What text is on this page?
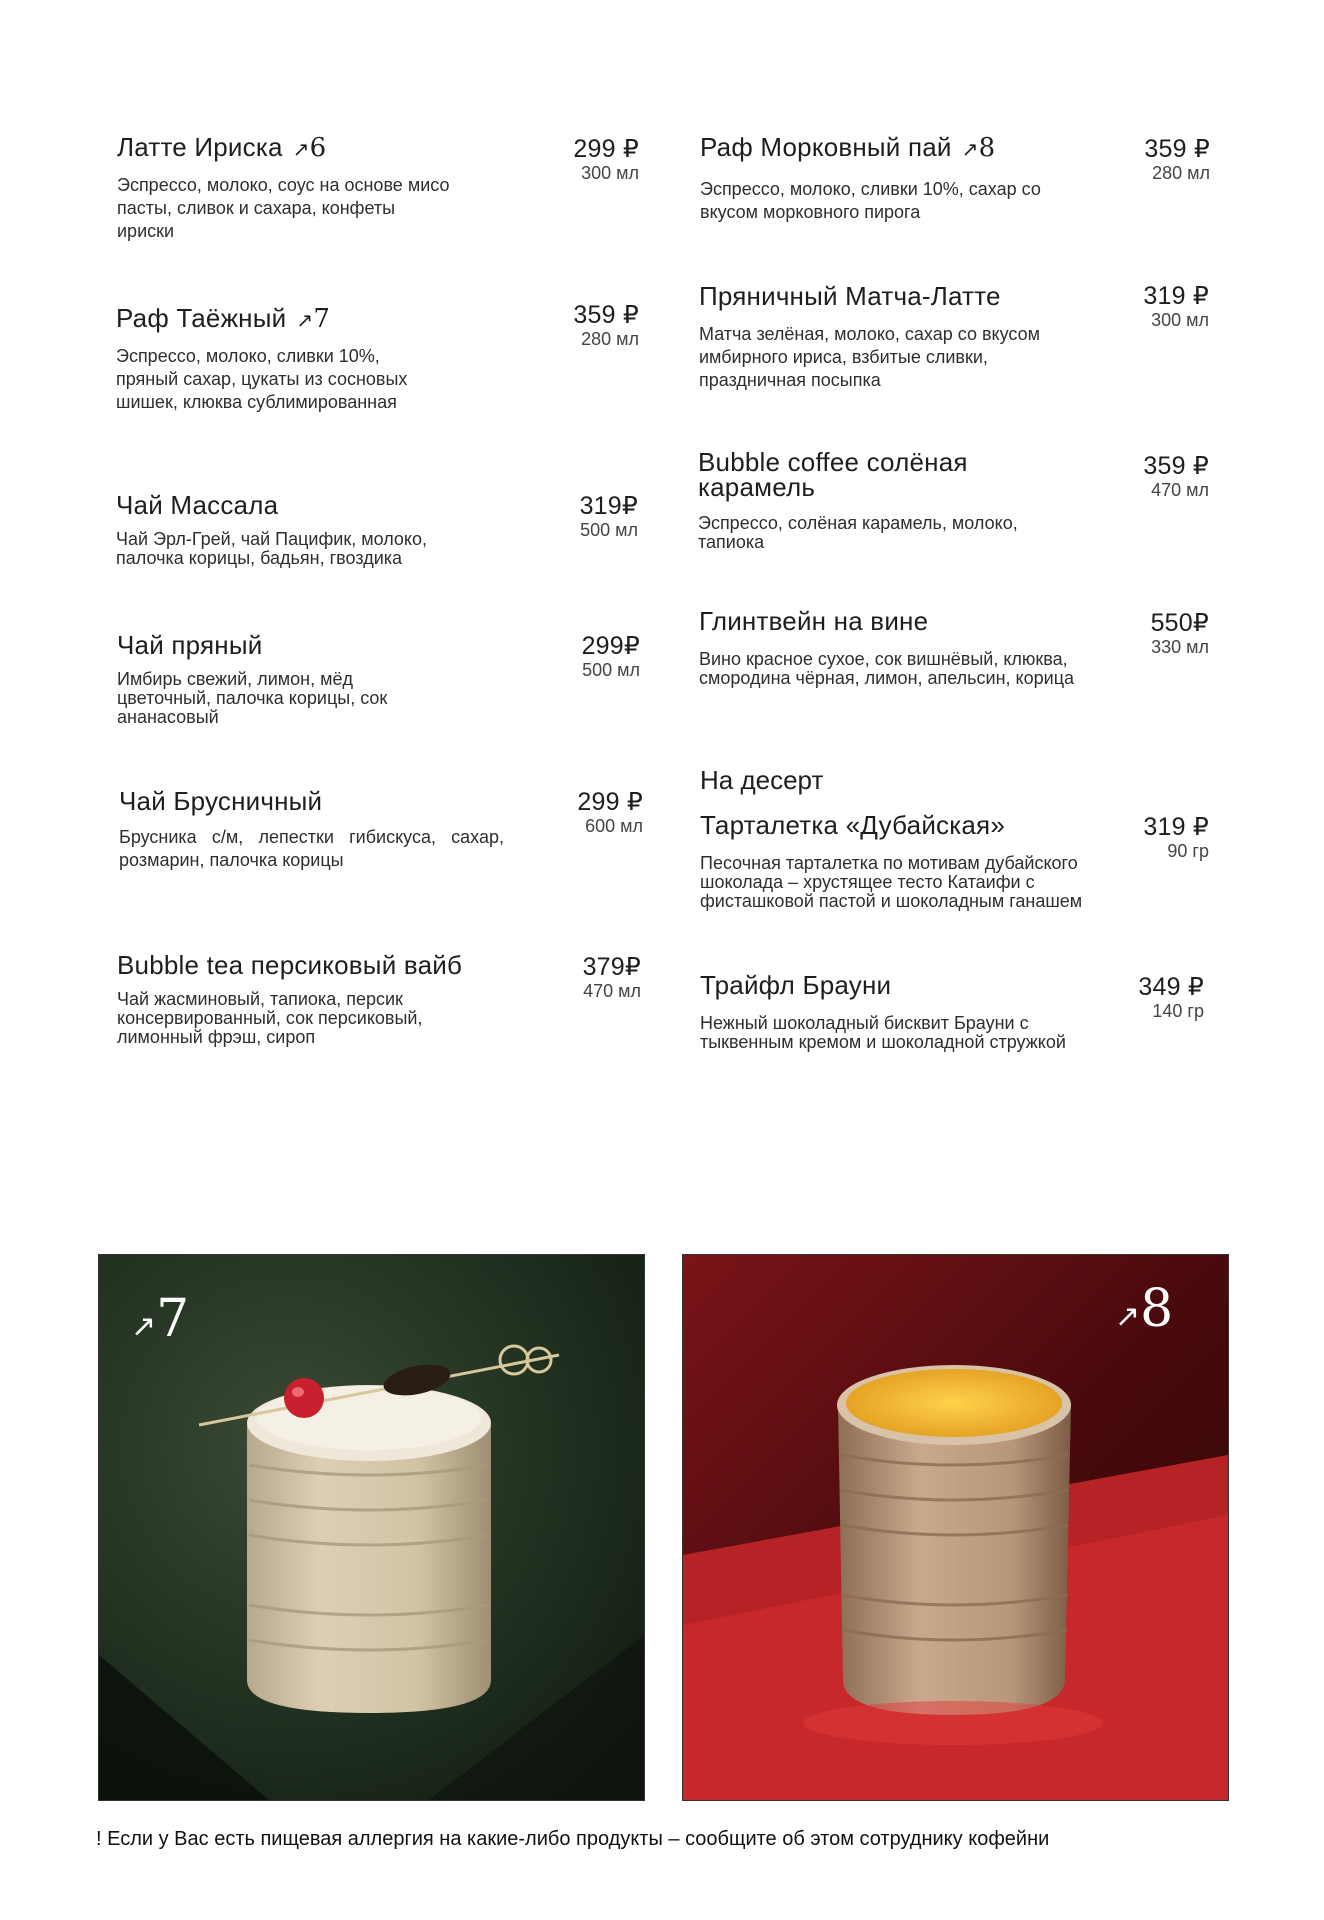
Латте Ириска ↗6
Эспрессо, молоко, соус на основе мисо пасты, сливок и сахара, конфеты ириски
299 ₽
300 мл
Раф Таёжный ↗7
Эспрессо, молоко, сливки 10%, пряный сахар, цукаты из сосновых шишек, клюква сублимированная
359 ₽
280 мл
Чай Массала
Чай Эрл-Грей, чай Пацифик, молоко, палочка корицы, бадьян, гвоздика
319₽
500 мл
Чай пряный
Имбирь свежий, лимон, мёд цветочный, палочка корицы, сок ананасовый
299₽
500 мл
Чай Брусничный
Брусника с/м, лепестки гибискуса, сахар, розмарин, палочка корицы
299 ₽
600 мл
Bubble tea персиковый вайб
Чай жасминовый, тапиока, персик консервированный, сок персиковый, лимонный фрэш, сироп
379₽
470 мл
Раф Морковный пай ↗8
Эспрессо, молоко, сливки 10%, сахар со вкусом морковного пирога
359 ₽
280 мл
Пряничный Матча-Латте
Матча зелёная, молоко, сахар со вкусом имбирного ириса, взбитые сливки, праздничная посыпка
319 ₽
300 мл
Bubble coffee солёная карамель
Эспрессо, солёная карамель, молоко, тапиока
359 ₽
470 мл
Глинтвейн на вине
Вино красное сухое, сок вишнёвый, клюква, смородина чёрная, лимон, апельсин, корица
550₽
330 мл
На десерт
Тарталетка «Дубайская»
Песочная тарталетка по мотивам дубайского шоколада – хрустящее тесто Катаифи с фисташковой пастой и шоколадным ганашем
319 ₽
90 гр
Трайфл Брауни
Нежный шоколадный бисквит Брауни с тыквенным кремом и шоколадной стружкой
349 ₽
140 гр
↗7	↗8
! Если у Вас есть пищевая аллергия на какие-либо продукты – сообщите об этом сотруднику кофейни
